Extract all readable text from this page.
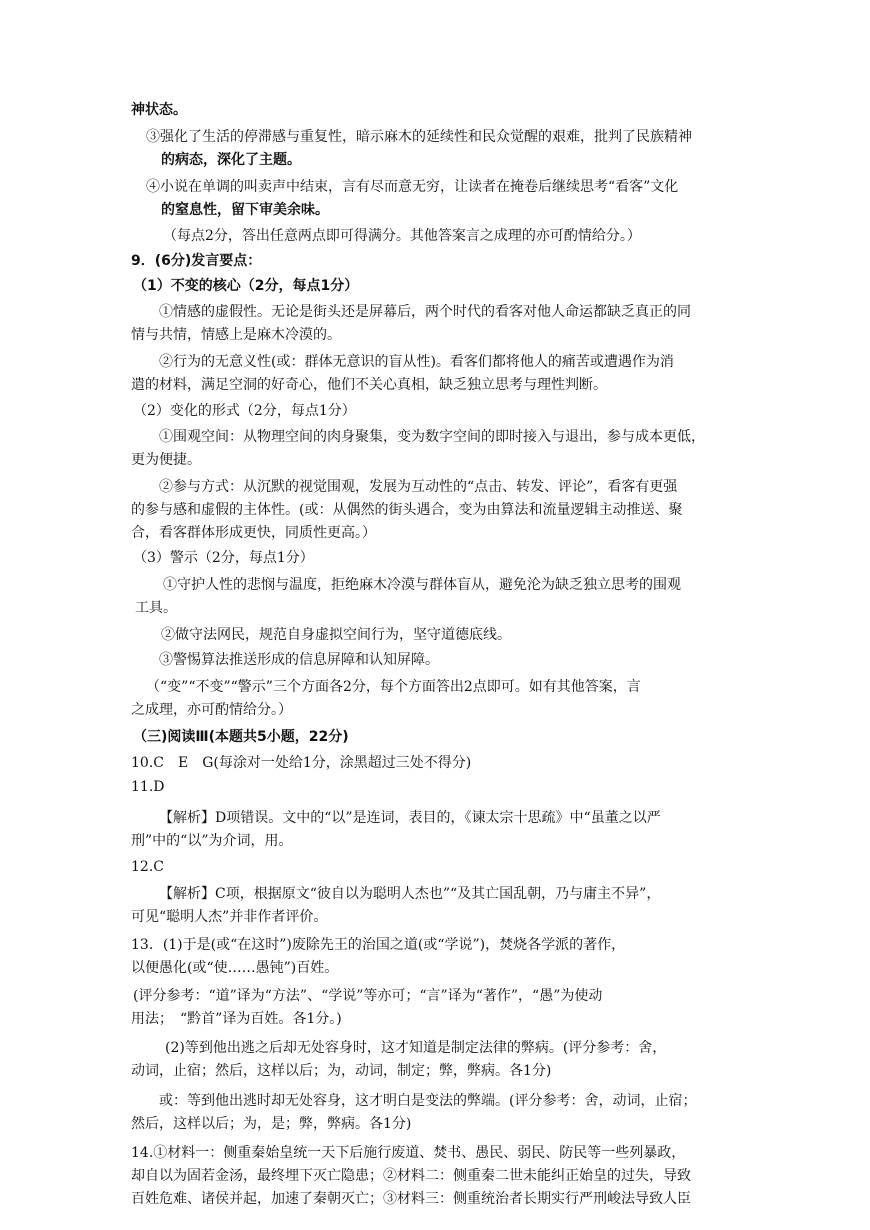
神状态。
③强化了生活的停滞感与重复性，暗示麻木的延续性和民众觉醒的艰难，批判了民族精神
的病态，深化了主题。
④小说在单调的叫卖声中结束，言有尽而意无穷，让读者在掩卷后继续思考“看客”文化
的窒息性，留下审美余味。
（每点2分，答出任意两点即可得满分。其他答案言之成理的亦可酌情给分。）
9．(6分)发言要点：
（1）不变的核心（2分，每点1分）
①情感的虚假性。无论是街头还是屏幕后，两个时代的看客对他人命运都缺乏真正的同
情与共情，情感上是麻木冷漠的。
②行为的无意义性(或：群体无意识的盲从性)。看客们都将他人的痛苦或遭遇作为消
遣的材料，满足空洞的好奇心，他们不关心真相，缺乏独立思考与理性判断。
（2）变化的形式（2分，每点1分）
①围观空间：从物理空间的肉身聚集，变为数字空间的即时接入与退出，参与成本更低，
更为便捷。
②参与方式：从沉默的视觉围观，发展为互动性的“点击、转发、评论”，看客有更强
的参与感和虚假的主体性。(或：从偶然的街头遇合，变为由算法和流量逻辑主动推送、聚
合，看客群体形成更快，同质性更高。）
（3）警示（2分，每点1分）
①守护人性的悲悯与温度，拒绝麻木冷漠与群体盲从，避免沦为缺乏独立思考的围观
工具。
②做守法网民，规范自身虚拟空间行为，坚守道德底线。
③警惕算法推送形成的信息屏障和认知屏障。
（“变”“不变”“警示”三个方面各2分，每个方面答出2点即可。如有其他答案，言
之成理，亦可酌情给分。）
（三)阅读Ⅲ(本题共5小题，22分)
10.C　E　G(每涂对一处给1分，涂黑超过三处不得分)
11.D
【解析】D项错误。文中的“以”是连词，表目的，《谏太宗十思疏》中“虽董之以严
刑”中的“以”为介词，用。
12.C
【解析】C项，根据原文“彼自以为聪明人杰也”“及其亡国乱朝，乃与庸主不异”，
可见“聪明人杰”并非作者评价。
13．(1)于是(或“在这时”)废除先王的治国之道(或“学说”)，焚烧各学派的著作，
以便愚化(或“使……愚钝”)百姓。
(评分参考：“道”译为“方法”、“学说”等亦可；“言”译为“著作”，“愚”为使动
用法；　“黔首”译为百姓。各1分。)
(2)等到他出逃之后却无处容身时，这才知道是制定法律的弊病。(评分参考：舍，
动词，止宿；然后，这样以后；为，动词，制定；弊，弊病。各1分)
或：等到他出逃时却无处容身，这才明白是变法的弊端。(评分参考：舍，动词，止宿；
然后，这样以后；为，是；弊，弊病。各1分)
14.①材料一：侧重秦始皇统一天下后施行废道、焚书、愚民、弱民、防民等一些列暴政，
却自以为固若金汤，最终埋下灭亡隐患；②材料二：侧重秦二世未能纠正始皇的过失，导致
百姓危难、诸侯并起，加速了秦朝灭亡；③材料三：侧重统治者长期实行严刑峻法导致人臣
